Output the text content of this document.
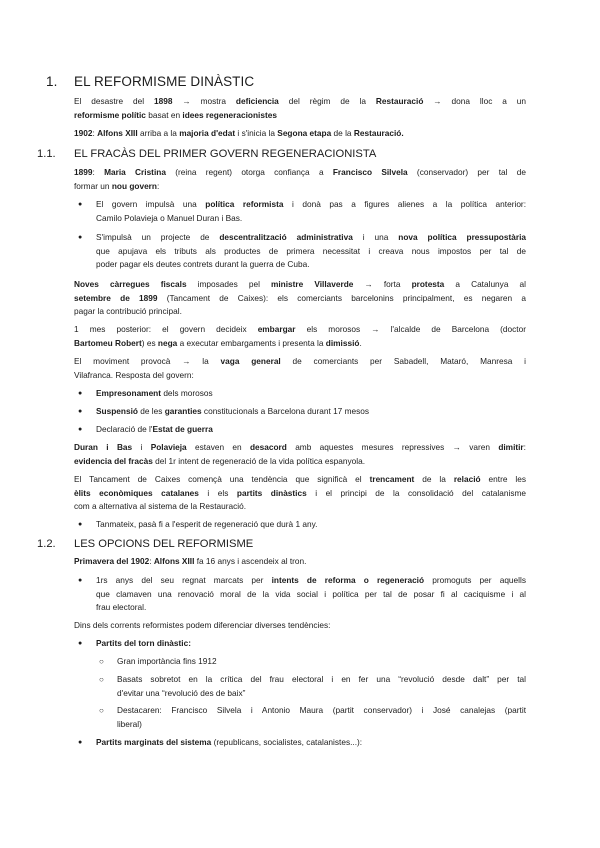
1. EL REFORMISME DINÀSTIC
El desastre del 1898 → mostra deficiencia del règim de la Restauració → dona lloc a un
reformisme polític basat en idees regeneracionistes
1902: Alfons XIII arriba a la majoria d'edat i s'inicia la Segona etapa de la Restauració.
1.1. EL FRACÀS DEL PRIMER GOVERN REGENERACIONISTA
1899: Maria Cristina (reina regent) otorga confiança a Francisco Silvela (conservador) per tal de
formar un nou govern:
● El govern impulsà una política reformista i donà pas a figures alienes a la política anterior:
Camilo Polavieja o Manuel Duran i Bas.
● S'impulsà un projecte de descentralització administrativa i una nova política pressupostària
que apujava els tributs als productes de primera necessitat i creava nous impostos per tal de
poder pagar els deutes contrets durant la guerra de Cuba.
Noves càrregues fiscals imposades pel ministre Villaverde → forta protesta a Catalunya al
setembre de 1899 (Tancament de Caixes): els comerciants barcelonins principalment, es negaren a
pagar la contribució principal.
1 mes posterior: el govern decideix embargar els morosos → l'alcalde de Barcelona (doctor
Bartomeu Robert) es nega a executar embargaments i presenta la dimissió.
El moviment provocà → la vaga general de comerciants per Sabadell, Mataró, Manresa i
Vilafranca. Resposta del govern:
● Empresonament dels morosos
● Suspensió de les garanties constitucionals a Barcelona durant 17 mesos
● Declaració de l'Estat de guerra
Duran i Bas i Polavieja estaven en desacord amb aquestes mesures repressives → varen dimitir:
evidencia del fracàs del 1r intent de regeneració de la vida política espanyola.
El Tancament de Caixes començà una tendència que significà el trencament de la relació entre les
èlits econòmiques catalanes i els partits dinàstics i el principi de la consolidació del catalanisme
com a alternativa al sistema de la Restauració.
● Tanmateix, pasà fi a l'esperit de regeneració que durà 1 any.
1.2. LES OPCIONS DEL REFORMISME
Primavera del 1902: Alfons XIII fa 16 anys i ascendeix al tron.
● 1rs anys del seu regnat marcats per intents de reforma o regeneració promoguts per aquells
que clamaven una renovació moral de la vida social i política per tal de posar fi al caciquisme i al
frau electoral.
Dins dels corrents reformistes podem diferenciar diverses tendències:
● Partits del torn dinàstic:
○ Gran importància fins 1912
○ Basats sobretot en la crítica del frau electoral i en fer una “revolució desde dalt” per tal
d'evitar una “revolució des de baix”
○ Destacaren: Francisco Silvela i Antonio Maura (partit conservador) i José canalejas (partit
liberal)
● Partits marginats del sistema (republicans, socialistes, catalanistes...):
